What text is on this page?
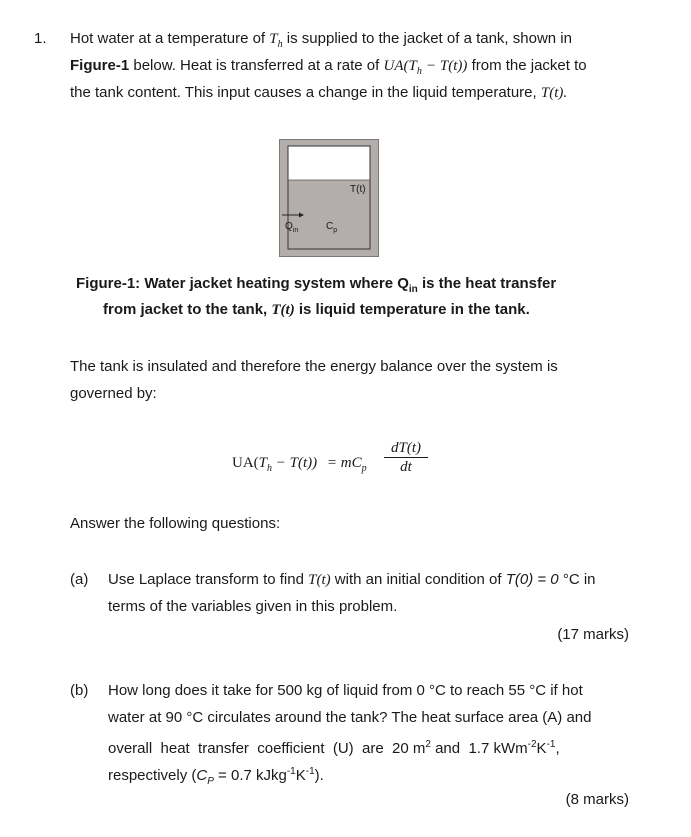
1. Hot water at a temperature of $T_h$ is supplied to the jacket of a tank, shown in
Figure-1 below. Heat is transferred at a rate of $UA(T_h - T(t))$ from the jacket to
the tank content. This input causes a change in the liquid temperature, T(t).
T(t)
$Q_{in}$	$C_p$
Figure-1: Water jacket heating system where $Q_{in}$ is the heat transfer
from jacket to the tank, T(t) is liquid temperature in the tank.
The tank is insulated and therefore the energy balance over the system is
governed by:
$UA(T_h - T(t)) = mC_p$
dT(t)
dt
Answer the following questions:
(a) Use Laplace transform to find T(t) with an initial condition of T(0) = 0 °C in
terms of the variables given in this problem.
(17 marks)
(b) How long does it take for 500 kg of liquid from 0 °C to reach 55 °C if hot
water at 90 °C circulates around the tank? The heat surface area (A) and
overall  heat  transfer  coefficient  (U)  are  20 $m^2$ and  1.7 $kWm^{-2}K^{-1}$,
respectively ($C_P = 0.7$ $kJkg^{-1}K^{-1}$).
(8 marks)
